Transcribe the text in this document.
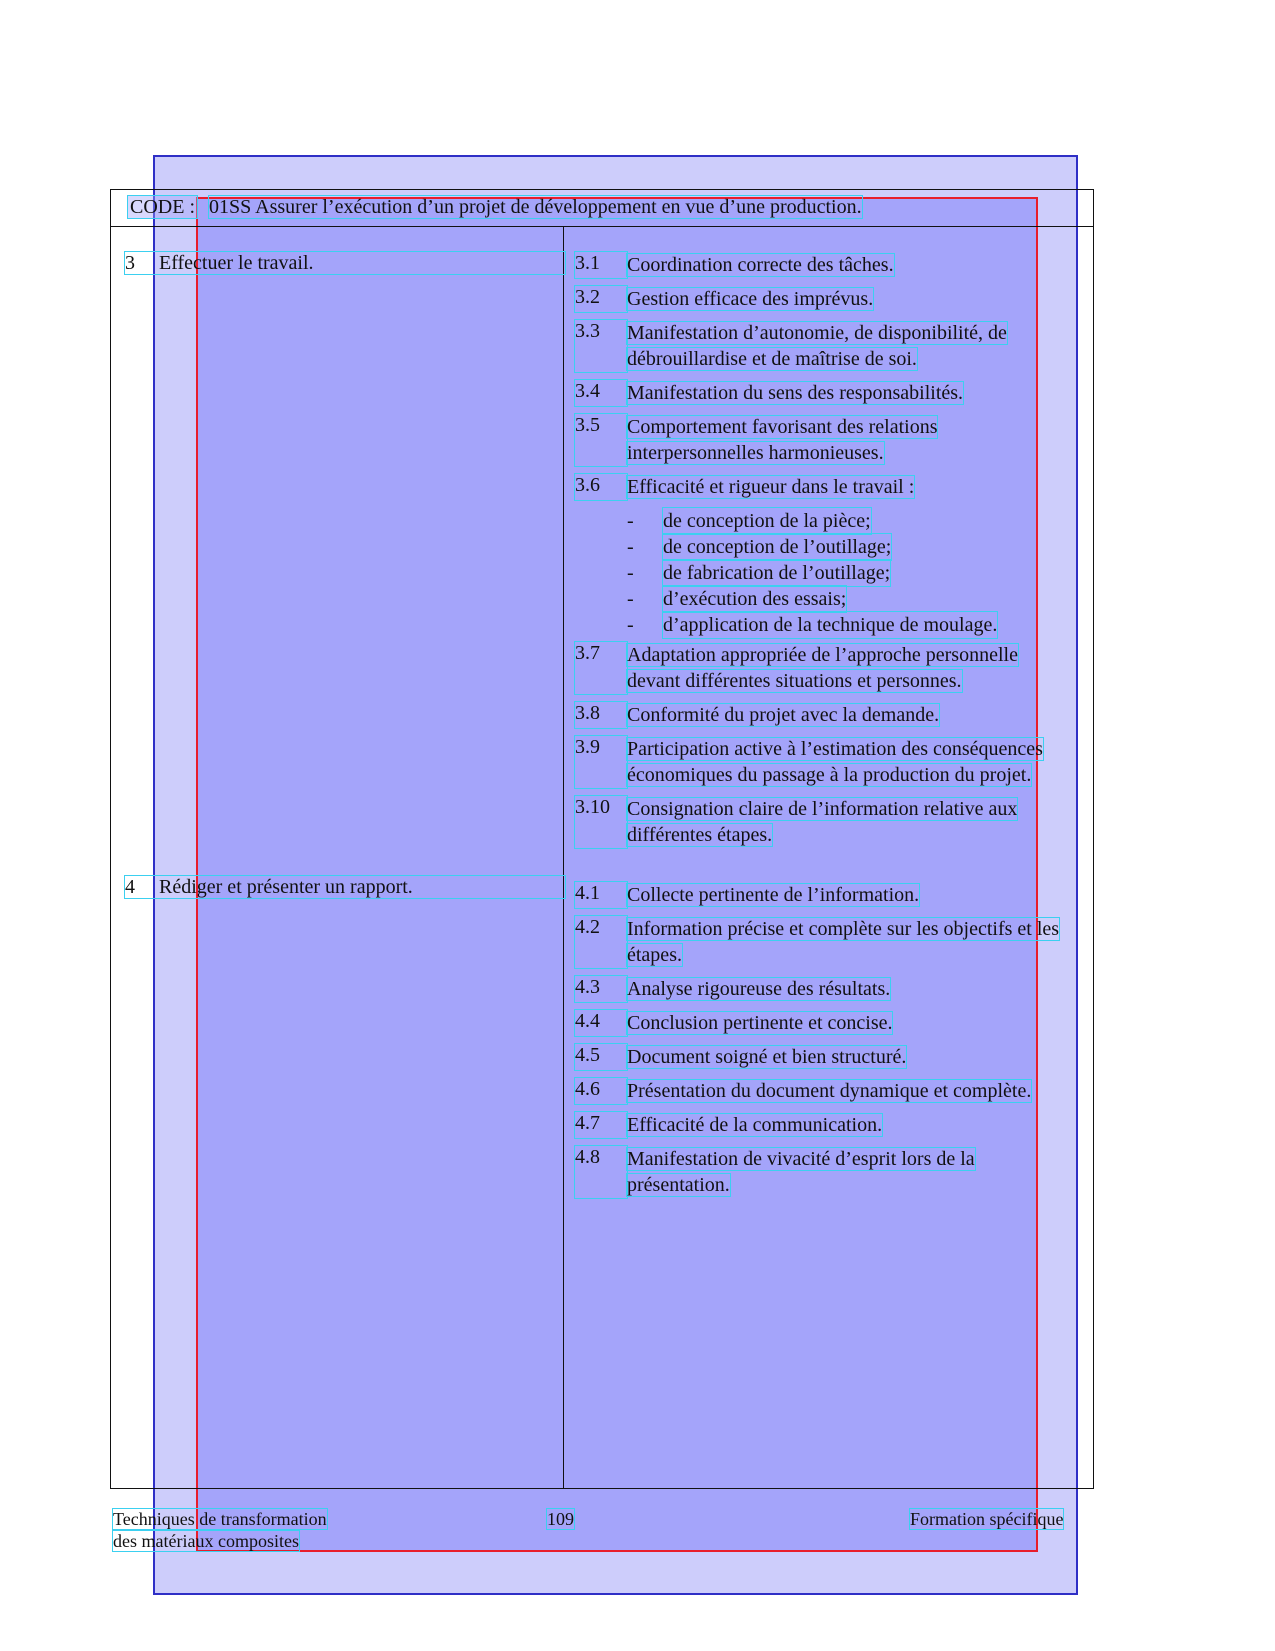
CODE : 01SS Assurer l’exécution d’un projet de développement en vue d’une production.
3 Effectuer le travail.
4 Rédiger et présenter un rapport.
3.1	Coordination correcte des tâches.
3.2	Gestion efficace des imprévus.
3.3	Manifestation d’autonomie, de disponibilité, de débrouillardise et de maîtrise de soi.
3.4	Manifestation du sens des responsabilités.
3.5	Comportement favorisant des relations interpersonnelles harmonieuses.
3.6	Efficacité et rigueur dans le travail :
-	de conception de la pièce;
-	de conception de l’outillage;
-	de fabrication de l’outillage;
-	d’exécution des essais;
-	d’application de la technique de moulage.
3.7	Adaptation appropriée de l’approche personnelle devant différentes situations et personnes.
3.8	Conformité du projet avec la demande.
3.9	Participation active à l’estimation des conséquences économiques du passage à la production du projet.
3.10 Consignation claire de l’information relative aux différentes étapes.
4.1	Collecte pertinente de l’information.
4.2	Information précise et complète sur les objectifs et les étapes.
4.3	Analyse rigoureuse des résultats.
4.4	Conclusion pertinente et concise.
4.5	Document soigné et bien structuré.
4.6	Présentation du document dynamique et complète.
4.7	Efficacité de la communication.
4.8	Manifestation de vivacité d’esprit lors de la présentation.
Techniques de transformation
des matériaux composites
109	Formation spécifique
